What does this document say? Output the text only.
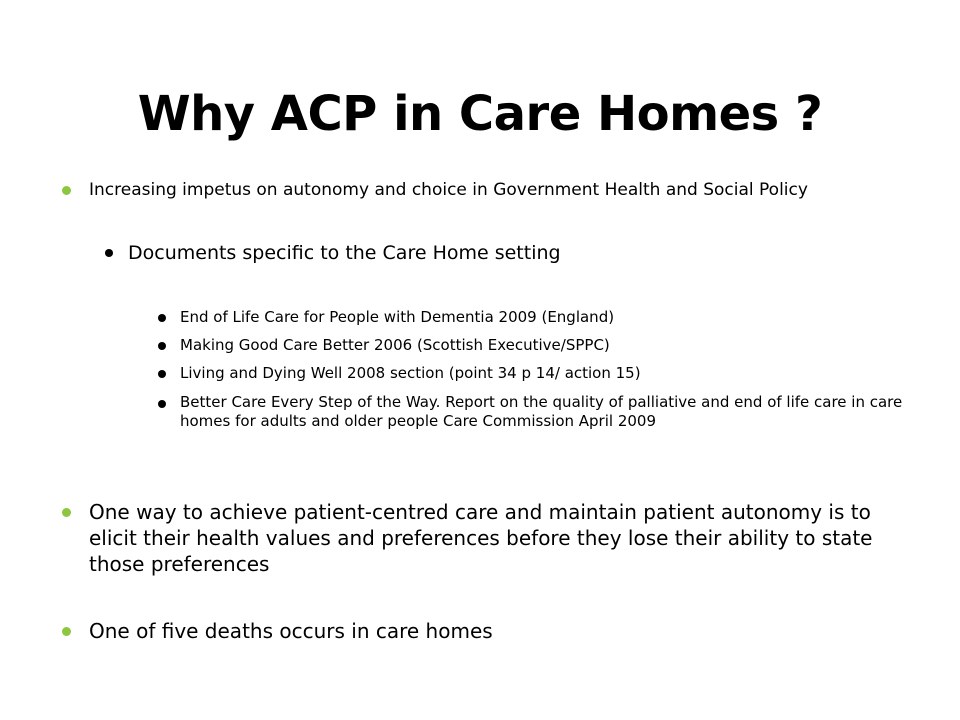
Why ACP in Care Homes ?
Increasing impetus on autonomy and choice in Government Health and Social Policy
Documents specific to the Care Home setting
End of Life Care for People with Dementia 2009 (England)
Making Good Care Better 2006 (Scottish Executive/SPPC)
Living and Dying Well 2008 section (point 34 p 14/ action 15)
Better Care Every Step of the Way. Report on the quality of palliative and end of life care in care homes for adults and older people Care Commission April 2009
One way to achieve patient-centred care and maintain patient autonomy is to elicit their health values and preferences before they lose their ability to state those preferences
One of five deaths occurs in care homes
